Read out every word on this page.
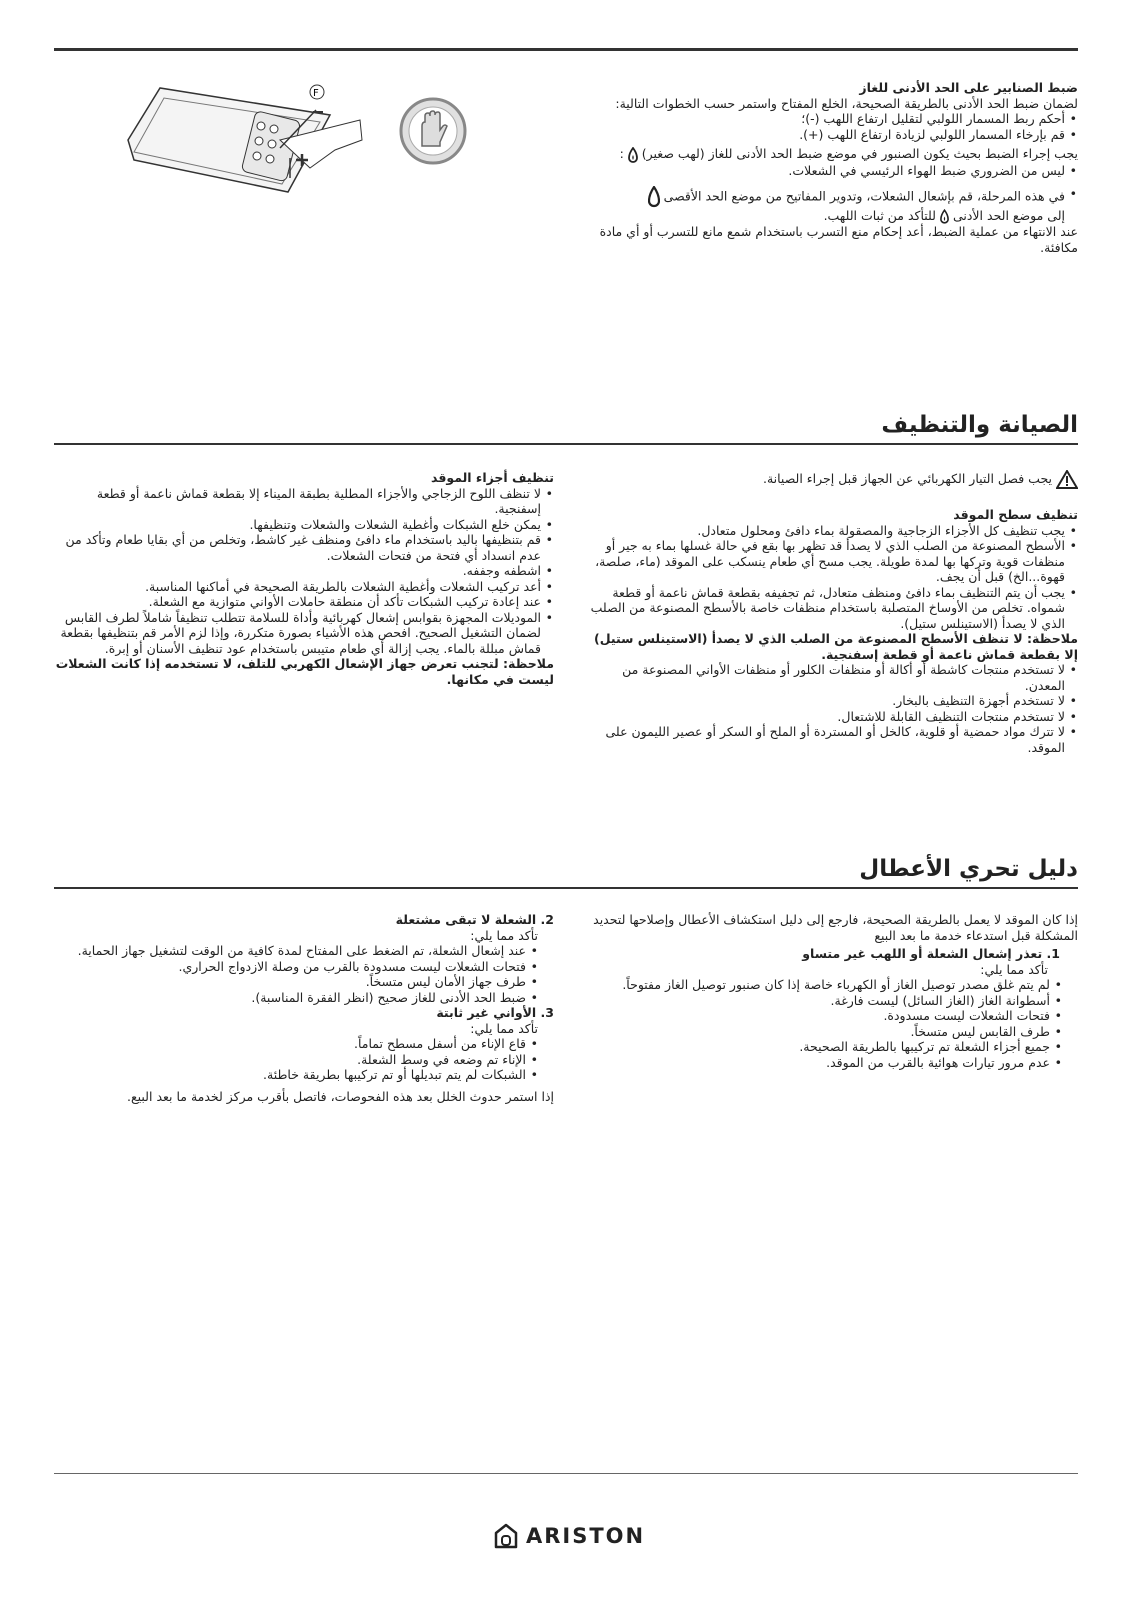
F	ضبط الصنابير على الحد الأدنى للغاز

لضمان ضبط الحد الأدنى بالطريقة الصحيحة، الخلع المفتاح واستمر حسب الخطوات التالية:

• أحكم ربط المسمار اللولبي لتقليل ارتفاع اللهب (-)؛
• قم بإرخاء المسمار اللولبي لزيادة ارتفاع اللهب (+).

يجب إجراء الضبط بحيث يكون الصنبور في موضع ضبط الحد الأدنى للغاز (لهب صغير)  :

• ليس من الضروري ضبط الهواء الرئيسي في الشعلات.
• في هذه المرحلة، قم بإشعال الشعلات، وتدوير المفاتيح من موضع الحد الأقصى
إلى موضع الحد الأدنى  للتأكد من ثبات اللهب.

عند الانتهاء من عملية الضبط، أعد إحكام منع التسرب باستخدام شمع مانع للتسرب أو أي مادة مكافئة.

الصيانة والتنظيف

يجب فصل التيار الكهربائي عن الجهاز قبل إجراء الصيانة.

تنظيف سطح الموقد

• يجب تنظيف كل الأجزاء الزجاجية والمصقولة بماء دافئ ومحلول متعادل.
• الأسطح المصنوعة من الصلب الذي لا يصدأ قد تظهر بها بقع في حالة غسلها بماء به جير أو منظفات قوية وتركها بها لمدة طويلة. يجب مسح أي طعام ينسكب على الموقد (ماء، صلصة، قهوة...الخ) قبل أن يجف.
• يجب أن يتم التنظيف بماء دافئ ومنظف متعادل، ثم تجفيفه بقطعة قماش ناعمة أو قطعة شمواه. تخلص من الأوساخ المتصلبة باستخدام منظفات خاصة بالأسطح المصنوعة من الصلب الذي لا يصدأ (الاستينلس ستيل).

ملاحظة: لا تنظف الأسطح المصنوعة من الصلب الذي لا يصدأ (الاستينلس ستيل) إلا بقطعة قماش ناعمة أو قطعة إسفنجية.

• لا تستخدم منتجات كاشطة أو أكالة أو منظفات الكلور أو منظفات الأواني المصنوعة من المعدن.
• لا تستخدم أجهزة التنظيف بالبخار.
• لا تستخدم منتجات التنظيف القابلة للاشتعال.
• لا تترك مواد حمضية أو قلوية، كالخل أو المستردة أو الملح أو السكر أو عصير الليمون على الموقد.

تنظيف أجزاء الموقد

• لا تنظف اللوح الزجاجي والأجزاء المطلية بطبقة الميناء إلا بقطعة قماش ناعمة أو قطعة إسفنجية.
• يمكن خلع الشبكات وأغطية الشعلات والشعلات وتنظيفها.
• قم بتنظيفها باليد باستخدام ماء دافئ ومنظف غير كاشط، وتخلص من أي بقايا طعام وتأكد من عدم انسداد أي فتحة من فتحات الشعلات.
• اشطفه وجففه.
• أعد تركيب الشعلات وأغطية الشعلات بالطريقة الصحيحة في أماكنها المناسبة.
• عند إعادة تركيب الشبكات تأكد أن منطقة حاملات الأواني متوازية مع الشعلة.
• الموديلات المجهزة بقوابس إشعال كهربائية وأداة للسلامة تتطلب تنظيفاً شاملاً لطرف القابس لضمان التشغيل الصحيح. افحص هذه الأشياء بصورة متكررة، وإذا لزم الأمر قم بتنظيفها بقطعة قماش مبللة بالماء. يجب إزالة أي طعام متيبس باستخدام عود تنظيف الأسنان أو إبرة.

ملاحظة: لتجنب تعرض جهاز الإشعال الكهربي للتلف، لا تستخدمه إذا كانت الشعلات ليست في مكانها.

دليل تحري الأعطال

إذا كان الموقد لا يعمل بالطريقة الصحيحة، فارجع إلى دليل استكشاف الأعطال وإصلاحها لتحديد المشكلة قبل استدعاء خدمة ما بعد البيع

1. تعذر إشعال الشعلة أو اللهب غير متساو

تأكد مما يلي:

• لم يتم غلق مصدر توصيل الغاز أو الكهرباء خاصة إذا كان صنبور توصيل الغاز مفتوحاً.
• أسطوانة الغاز (الغاز السائل) ليست فارغة.
• فتحات الشعلات ليست مسدودة.
• طرف القابس ليس متسخاً.
• جميع أجزاء الشعلة تم تركيبها بالطريقة الصحيحة.
• عدم مرور تيارات هوائية بالقرب من الموقد.

2. الشعلة لا تبقى مشتعلة

تأكد مما يلي:

• عند إشعال الشعلة، تم الضغط على المفتاح لمدة كافية من الوقت لتشغيل جهاز الحماية.
• فتحات الشعلات ليست مسدودة بالقرب من وصلة الازدواج الحراري.
• طرف جهاز الأمان ليس متسخاً.
• ضبط الحد الأدنى للغاز صحيح (انظر الفقرة المناسبة).

3. الأواني غير ثابتة

تأكد مما يلي:

• قاع الإناء من أسفل مسطح تماماً.
• الإناء تم وضعه في وسط الشعلة.
• الشبكات لم يتم تبديلها أو تم تركيبها بطريقة خاطئة.

إذا استمر حدوث الخلل بعد هذه الفحوصات، فاتصل بأقرب مركز لخدمة ما بعد البيع.

ARISTON
